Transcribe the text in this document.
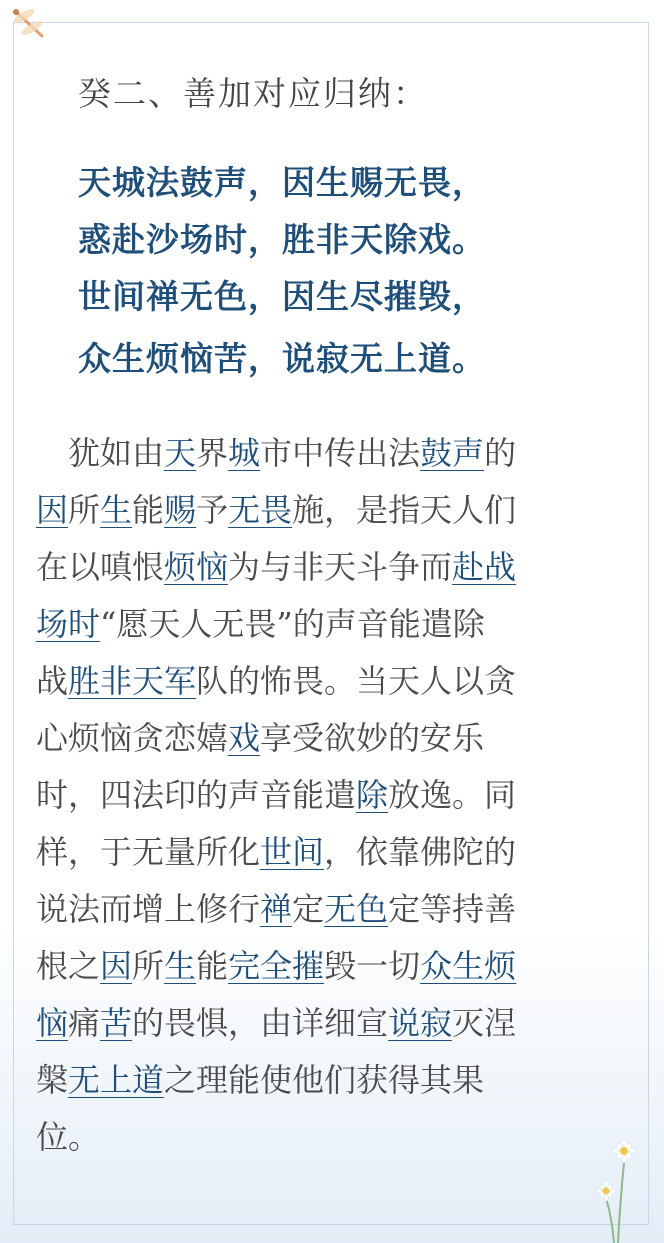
癸二、善加对应归纳：
天城法鼓声，因生赐无畏，
惑赴沙场时，胜非天除戏。
世间禅无色，因生尽摧毁，
众生烦恼苦，说寂无上道。
　犹如由天界城市中传出法鼓声的
因所生能赐予无畏施，是指天人们
在以嗔恨烦恼为与非天斗争而赴战
场时“愿天人无畏”的声音能遣除
战胜非天军队的怖畏。当天人以贪
心烦恼贪恋嬉戏享受欲妙的安乐
时，四法印的声音能遣除放逸。同
样，于无量所化世间，依靠佛陀的
说法而增上修行禅定无色定等持善
根之因所生能完全摧毁一切众生烦
恼痛苦的畏惧，由详细宣说寂灭涅
槃无上道之理能使他们获得其果
位。
